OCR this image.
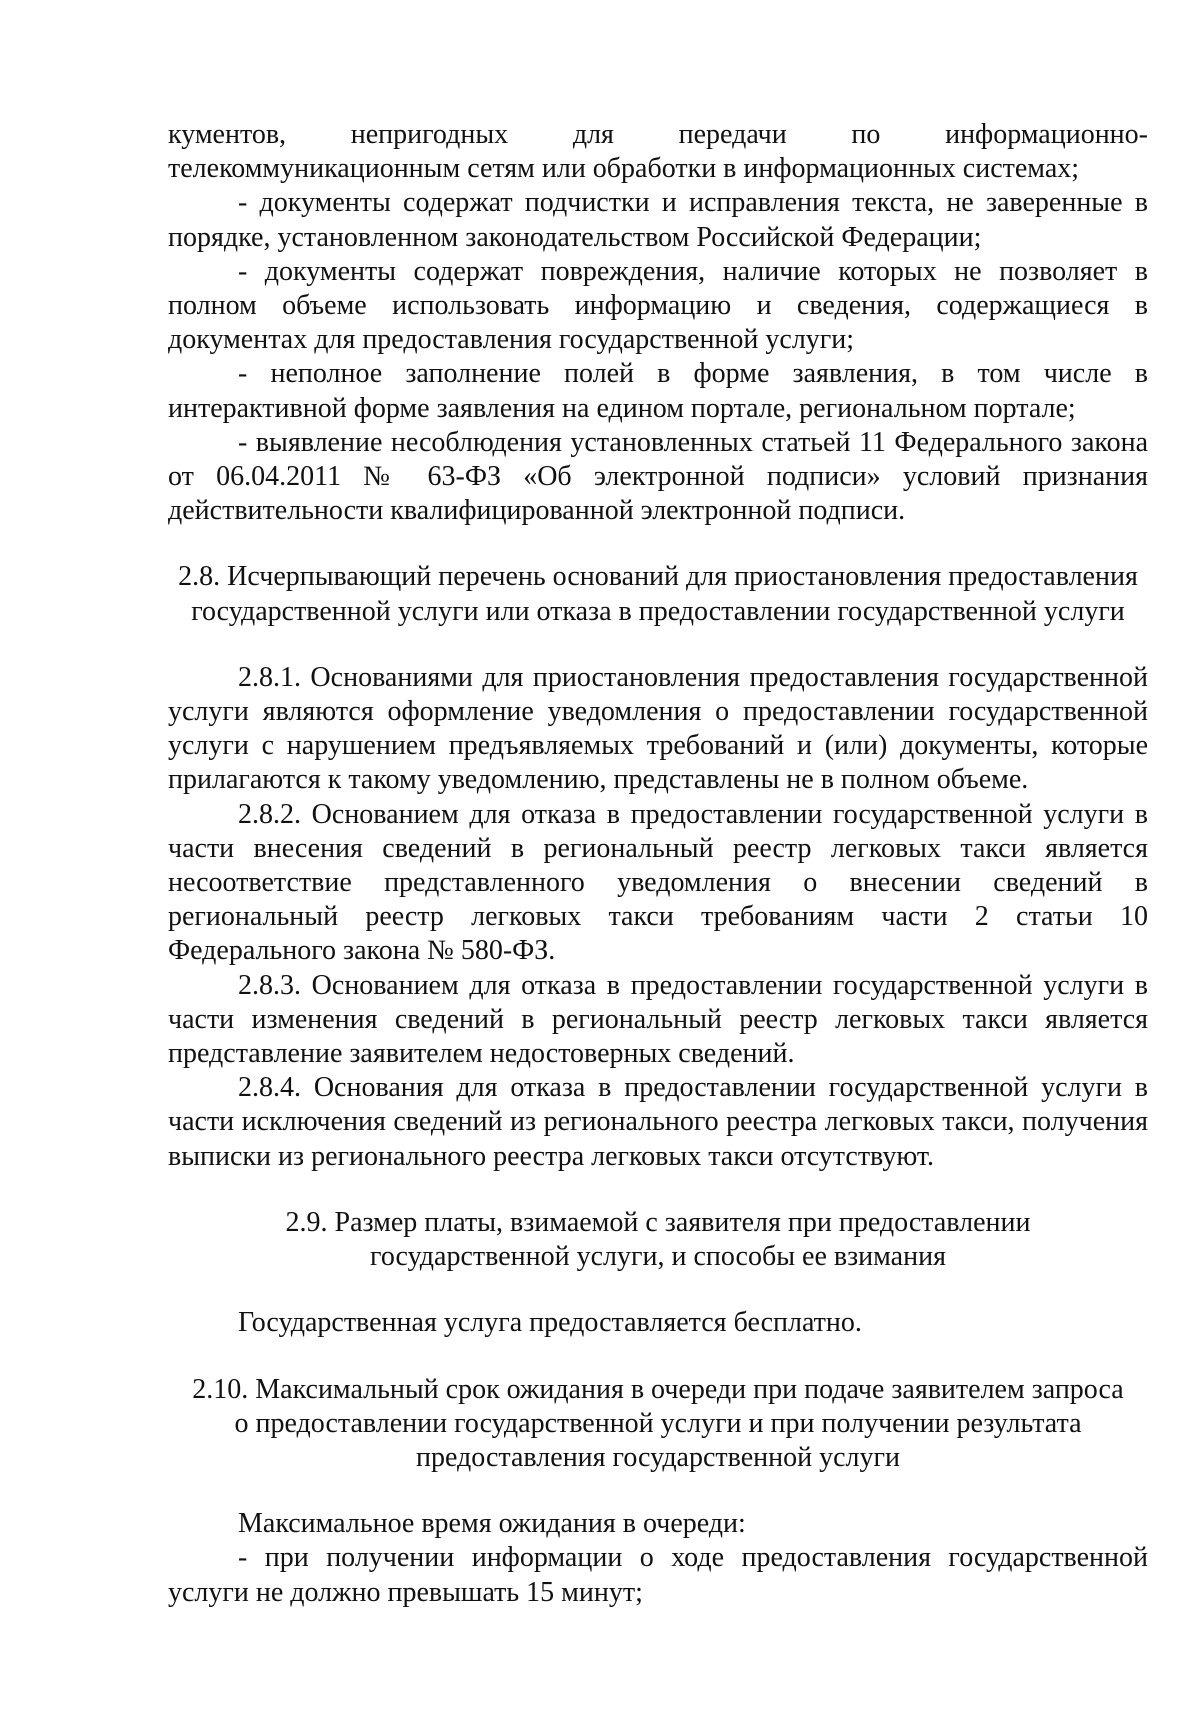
кументов, непригодных для передачи по информационно-телекоммуникационным сетям или обработки в информационных системах;

- документы содержат подчистки и исправления текста, не заверенные в порядке, установленном законодательством Российской Федерации;

- документы содержат повреждения, наличие которых не позволяет в полном объеме использовать информацию и сведения, содержащиеся в документах для предоставления государственной услуги;

- неполное заполнение полей в форме заявления, в том числе в интерактивной форме заявления на едином портале, региональном портале;

- выявление несоблюдения установленных статьей 11 Федерального закона от 06.04.2011 № 63-ФЗ «Об электронной подписи» условий признания действительности квалифицированной электронной подписи.

2.8. Исчерпывающий перечень оснований для приостановления предоставления

государственной услуги или отказа в предоставлении государственной услуги

2.8.1. Основаниями для приостановления предоставления государственной услуги являются оформление уведомления о предоставлении государственной услуги с нарушением предъявляемых требований и (или) документы, которые прилагаются к такому уведомлению, представлены не в полном объеме.

2.8.2. Основанием для отказа в предоставлении государственной услуги в

части внесения сведений в региональный реестр легковых такси является

несоответствие представленного уведомления о внесении сведений в

региональный реестр легковых такси требованиям части 2 статьи 10

Федерального закона № 580-ФЗ.

2.8.3. Основанием для отказа в предоставлении государственной услуги в части изменения сведений в региональный реестр легковых такси является представление заявителем недостоверных сведений.

2.8.4. Основания для отказа в предоставлении государственной услуги в части исключения сведений из регионального реестра легковых такси, получения выписки из регионального реестра легковых такси отсутствуют.

2.9. Размер платы, взимаемой с заявителя при предоставлении

государственной услуги, и способы ее взимания

Государственная услуга предоставляется бесплатно.

2.10. Максимальный срок ожидания в очереди при подаче заявителем запроса

о предоставлении государственной услуги и при получении результата

предоставления государственной услуги

Максимальное время ожидания в очереди:

- при получении информации о ходе предоставления государственной услуги не должно превышать 15 минут;
